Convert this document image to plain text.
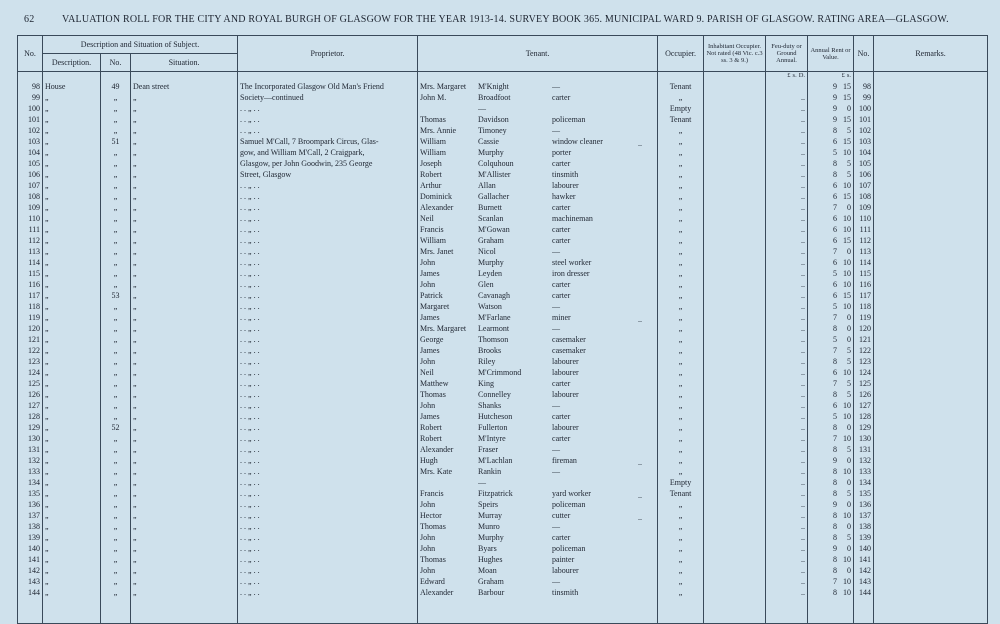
62	VALUATION ROLL FOR THE CITY AND ROYAL BURGH OF GLASGOW FOR THE YEAR 1913-14. SURVEY BOOK 365. MUNICIPAL WARD 9. PARISH OF GLASGOW. RATING AREA—GLASGOW.
No.	Description and Situation of Subject.			Proprietor.	Tenant.	Occupier.	Inhabitant Occupier. Not rated (48 Vic. c.3 ss. 3 & 9.)	Feu-duty or Ground Annual.	Annual Rent or Value.	No.	Remarks.
	Description.	No.	Situation.								

								£ s. D.	£ s.		

98	House	49	Dean street	The Incorporated Glasgow Old Man's Friend	Mrs. Margaret M'Knight —	Tenant			9 15	98	
99	„	„	„	Society—continued	John M. Broadfoot carter	„		..	9 15	99	
100	„	„	„	. . „ . .	—	Empty		..	9 0	100	
101	„	„	„	. . „ . .	Thomas Davidson policeman	Tenant		..	9 15	101	
102	„	„	„	. . „ . .	Mrs. Annie Timoney —	„		..	8 5	102	
103	„	51	„	Samuel M'Call, 7 Broompark Circus, Glas-	William Cassie window cleaner ..	„		..	6 15	103	
104	„	„	„	gow, and William M'Call, 2 Craigpark,	William Murphy porter	„		..	5 10	104	
105	„	„	„	Glasgow, per John Goodwin, 235 George	Joseph Colquhoun carter	„		..	8 5	105	
106	„	„	„	Street, Glasgow	Robert M'Allister tinsmith	„		..	8 5	106	
107	„	„	„	. . „ . .	Arthur Allan labourer	„		..	6 10	107	
108	„	„	„	. . „ . .	Dominick Gallacher hawker	„		..	6 15	108	
109	„	„	„	. . „ . .	Alexander Burnett carter	„		..	7 0	109	
110	„	„	„	. . „ . .	Neil Scanlan machineman	„		..	6 10	110	
111	„	„	„	. . „ . .	Francis M'Gowan carter	„		..	6 10	111	
112	„	„	„	. . „ . .	William Graham carter	„		..	6 15	112	
113	„	„	„	. . „ . .	Mrs. Janet Nicol —	„		..	7 0	113	
114	„	„	„	. . „ . .	John Murphy steel worker	„		..	6 10	114	
115	„	„	„	. . „ . .	James Leyden iron dresser	„		..	5 10	115	
116	„	„	„	. . „ . .	John Glen carter	„		..	6 10	116	
117	„	53	„	. . „ . .	Patrick Cavanagh carter	„		..	6 15	117	
118	„	„	„	. . „ . .	Margaret Watson —	„		..	5 10	118	
119	„	„	„	. . „ . .	James M'Farlane miner ..	„		..	7 0	119	
120	„	„	„	. . „ . .	Mrs. Margaret Learmont —	„		..	8 0	120	
121	„	„	„	. . „ . .	George Thomson casemaker	„		..	5 0	121	
122	„	„	„	. . „ . .	James Brooks casemaker	„		..	7 5	122	
123	„	„	„	. . „ . .	John Riley labourer	„		..	8 5	123	
124	„	„	„	. . „ . .	Neil M'Crimmond labourer	„		..	6 10	124	
125	„	„	„	. . „ . .	Matthew King carter	„		..	7 5	125	
126	„	„	„	. . „ . .	Thomas Connelley labourer	„		..	8 5	126	
127	„	„	„	. . „ . .	John Shanks —	„		..	6 10	127	
128	„	„	„	. . „ . .	James Hutcheson carter	„		..	5 10	128	
129	„	52	„	. . „ . .	Robert Fullerton labourer	„		..	8 0	129	
130	„	„	„	. . „ . .	Robert M'Intyre carter	„		..	7 10	130	
131	„	„	„	. . „ . .	Alexander Fraser —	„		..	8 5	131	
132	„	„	„	. . „ . .	Hugh M'Lachlan fireman ..	„		..	9 0	132	
133	„	„	„	. . „ . .	Mrs. Kate Rankin —	„		..	8 10	133	
134	„	„	„	. . „ . .	—	Empty		..	8 0	134	
135	„	„	„	. . „ . .	Francis Fitzpatrick yard worker ..	Tenant		..	8 5	135	
136	„	„	„	. . „ . .	John Speirs policeman	„		..	9 0	136	
137	„	„	„	. . „ . .	Hector Murray cutter ..	„		..	8 10	137	
138	„	„	„	. . „ . .	Thomas Munro —	„		..	8 0	138	
139	„	„	„	. . „ . .	John Murphy carter	„		..	8 5	139	
140	„	„	„	. . „ . .	John Byars policeman	„		..	9 0	140	
141	„	„	„	. . „ . .	Thomas Hughes painter	„		..	8 10	141	
142	„	„	„	. . „ . .	John Moan labourer	„		..	8 0	142	
143	„	„	„	. . „ . .	Edward Graham —	„		..	7 10	143	
144	„	„	„	. . „ . .	Alexander Barbour tinsmith	„		..	8 10	144	
